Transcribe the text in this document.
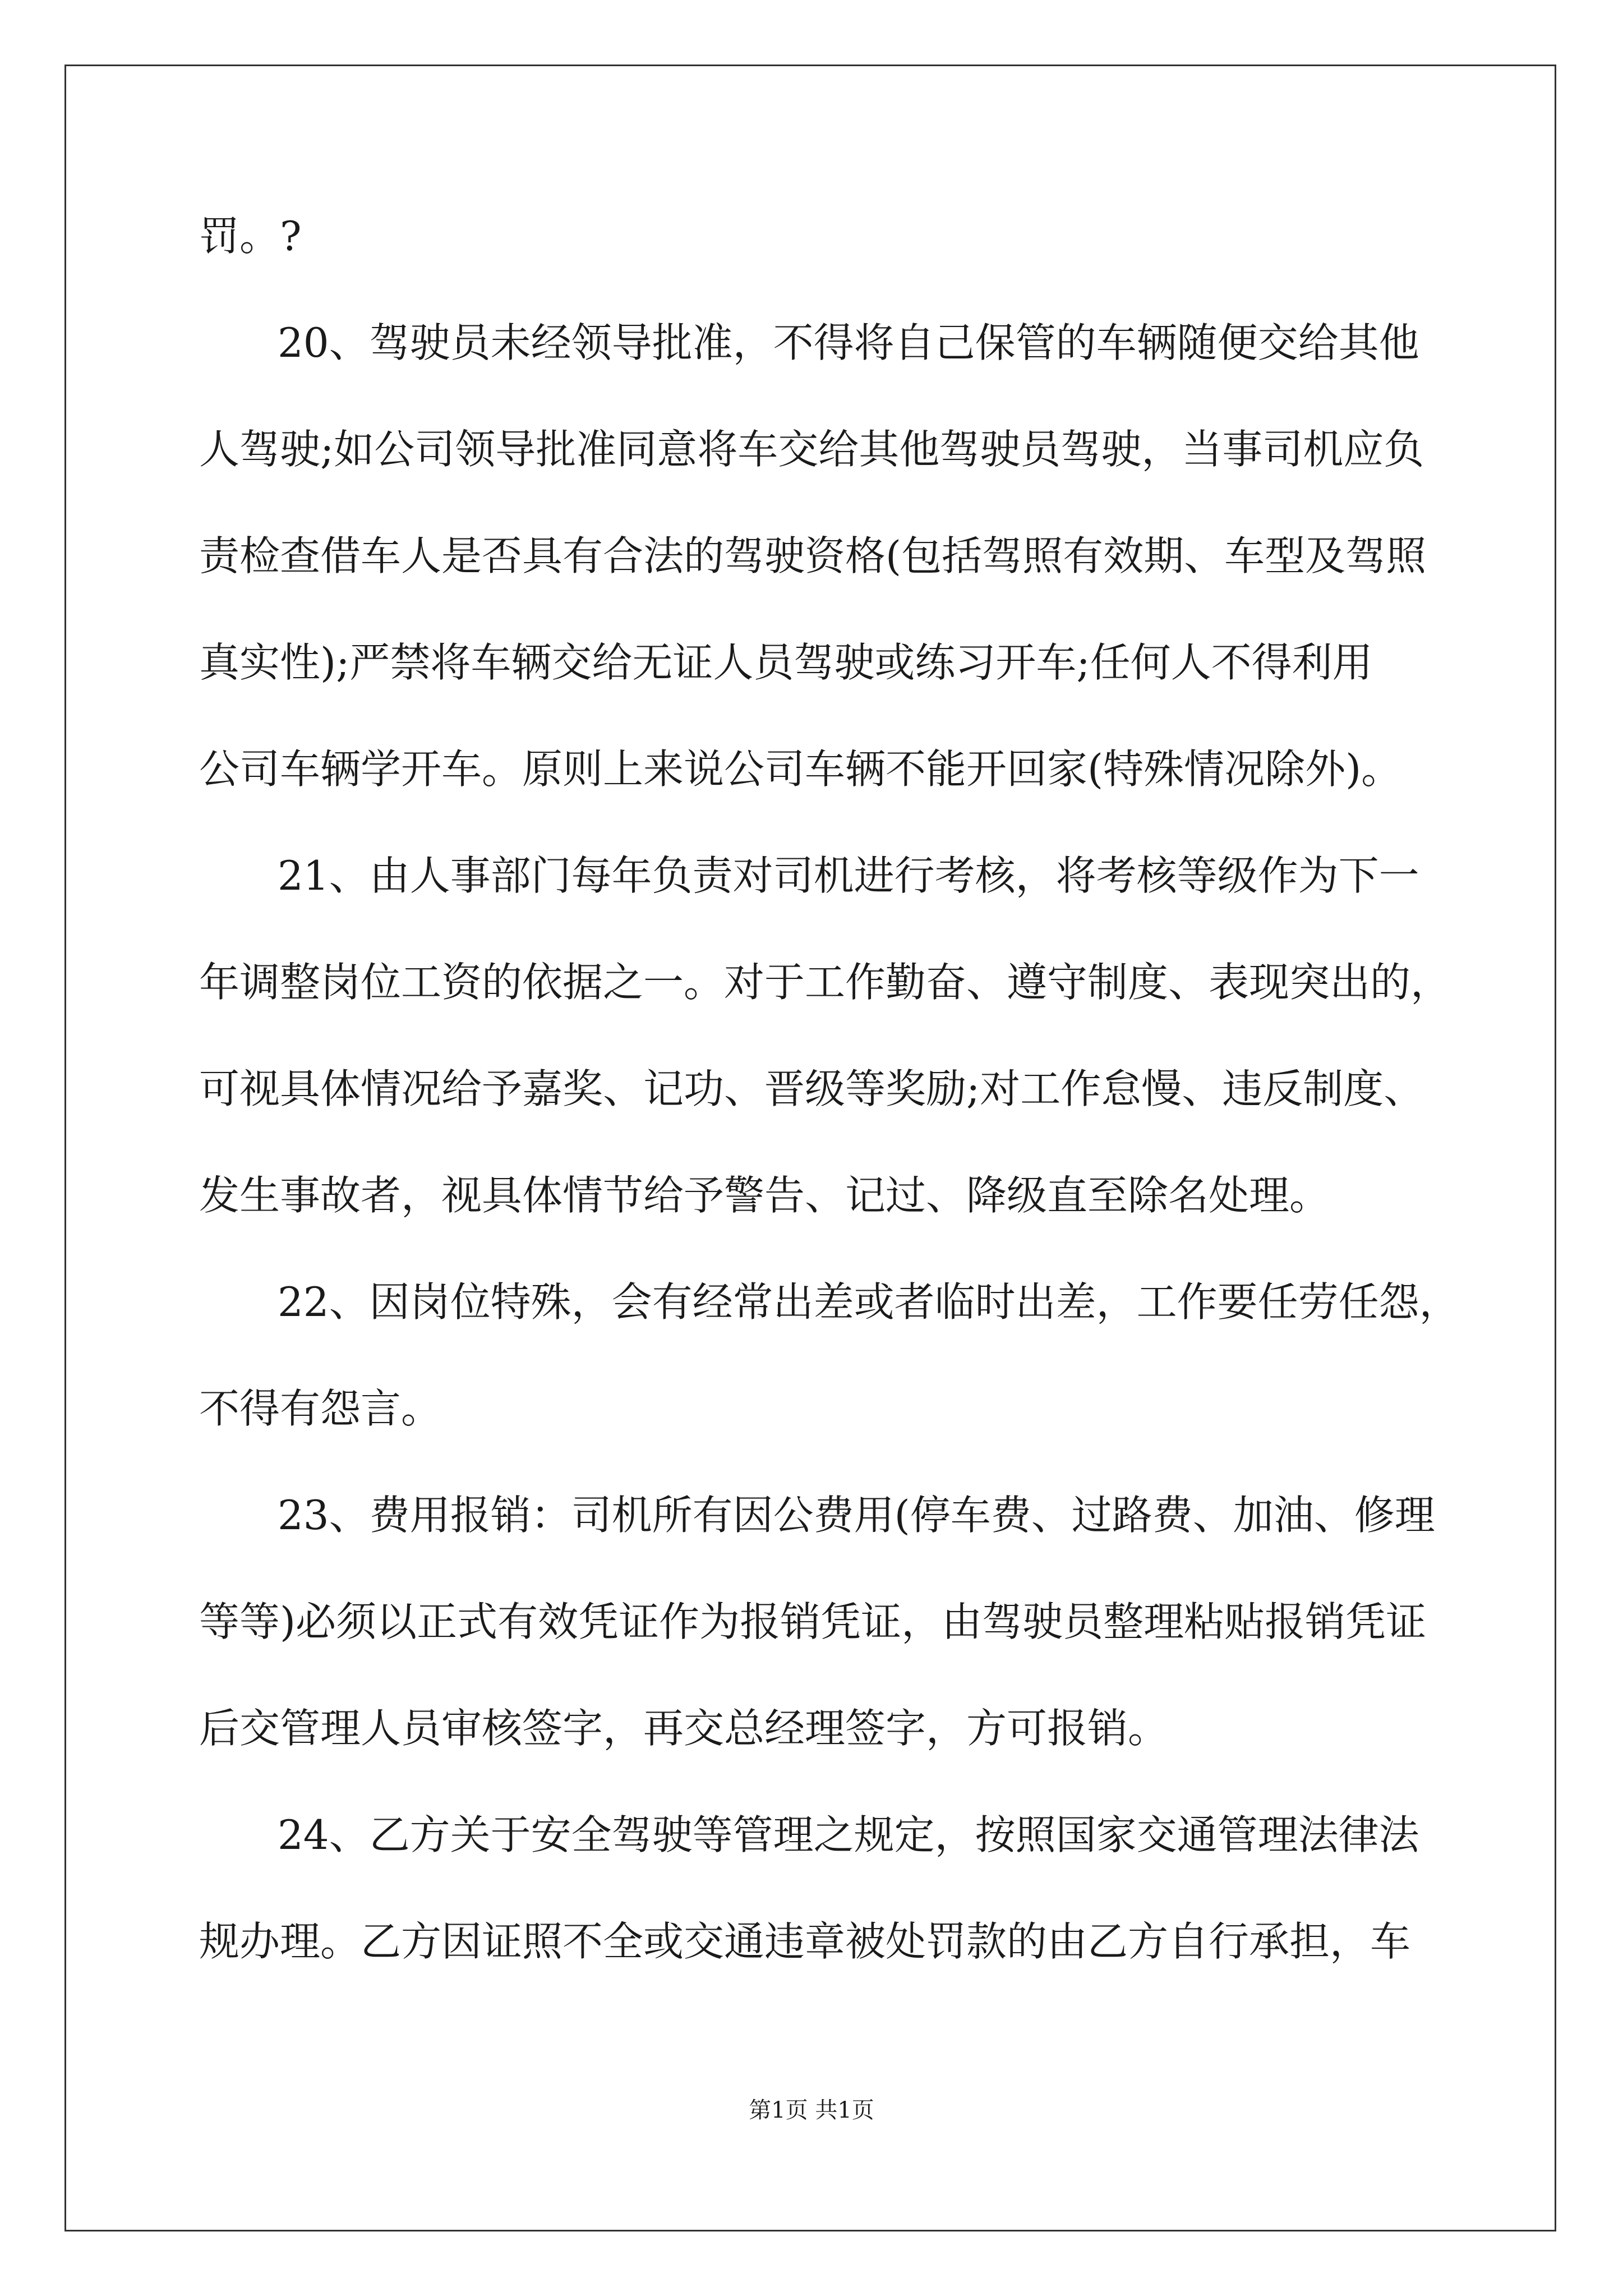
罚。?
20、驾驶员未经领导批准，不得将自己保管的车辆随便交给其他
人驾驶;如公司领导批准同意将车交给其他驾驶员驾驶，当事司机应负
责检查借车人是否具有合法的驾驶资格(包括驾照有效期、车型及驾照
真实性);严禁将车辆交给无证人员驾驶或练习开车;任何人不得利用
公司车辆学开车。原则上来说公司车辆不能开回家(特殊情况除外)。
21、由人事部门每年负责对司机进行考核，将考核等级作为下一
年调整岗位工资的依据之一。对于工作勤奋、遵守制度、表现突出的，
可视具体情况给予嘉奖、记功、晋级等奖励;对工作怠慢、违反制度、
发生事故者，视具体情节给予警告、记过、降级直至除名处理。
22、因岗位特殊，会有经常出差或者临时出差，工作要任劳任怨，
不得有怨言。
23、费用报销：司机所有因公费用(停车费、过路费、加油、修理
等等)必须以正式有效凭证作为报销凭证，由驾驶员整理粘贴报销凭证
后交管理人员审核签字，再交总经理签字，方可报销。
24、乙方关于安全驾驶等管理之规定，按照国家交通管理法律法
规办理。乙方因证照不全或交通违章被处罚款的由乙方自行承担，车
第1页 共1页
